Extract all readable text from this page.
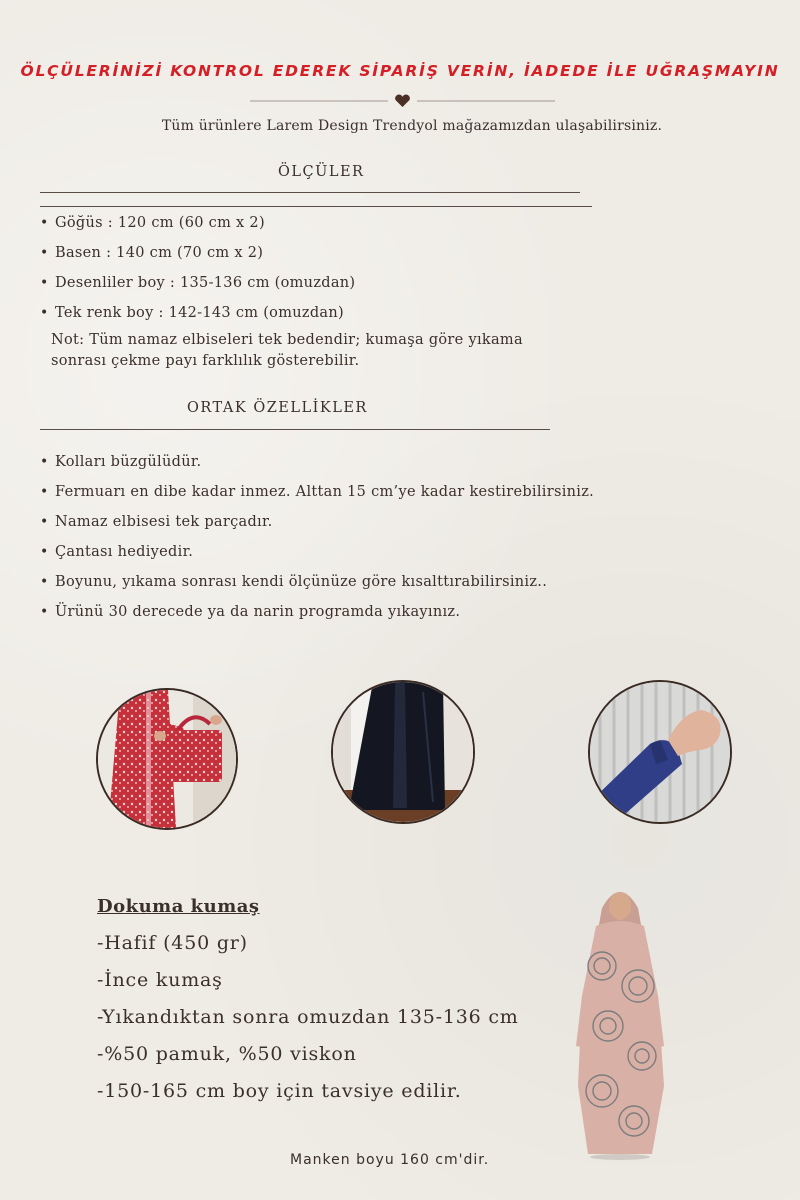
ÖLÇÜLERİNİZİ KONTROL EDEREK SİPARİŞ VERİN, İADEDE İLE UĞRAŞMAYIN
Tüm ürünlere Larem Design Trendyol mağazamızdan ulaşabilirsiniz.
ÖLÇÜLER
• Göğüs : 120 cm (60 cm x 2)
• Basen : 140 cm (70 cm x 2)
• Desenliler boy : 135-136 cm (omuzdan)
• Tek renk boy : 142-143 cm (omuzdan)
Not: Tüm namaz elbiseleri tek bedendir; kumaşa göre yıkama
sonrası çekme payı farklılık gösterebilir.
ORTAK ÖZELLİKLER
• Kolları büzgülüdür.
• Fermuarı en dibe kadar inmez. Alttan 15 cm’ye kadar kestirebilirsiniz.
• Namaz elbisesi tek parçadır.
• Çantası hediyedir.
• Boyunu, yıkama sonrası kendi ölçünüze göre kısalttırabilirsiniz..
• Ürünü 30 derecede ya da narin programda yıkayınız.
Dokuma kumaş
-Hafif (450 gr)
-İnce kumaş
-Yıkandıktan sonra omuzdan 135-136 cm
-%50 pamuk, %50 viskon
-150-165 cm boy için tavsiye edilir.
Manken boyu 160 cm'dir.
